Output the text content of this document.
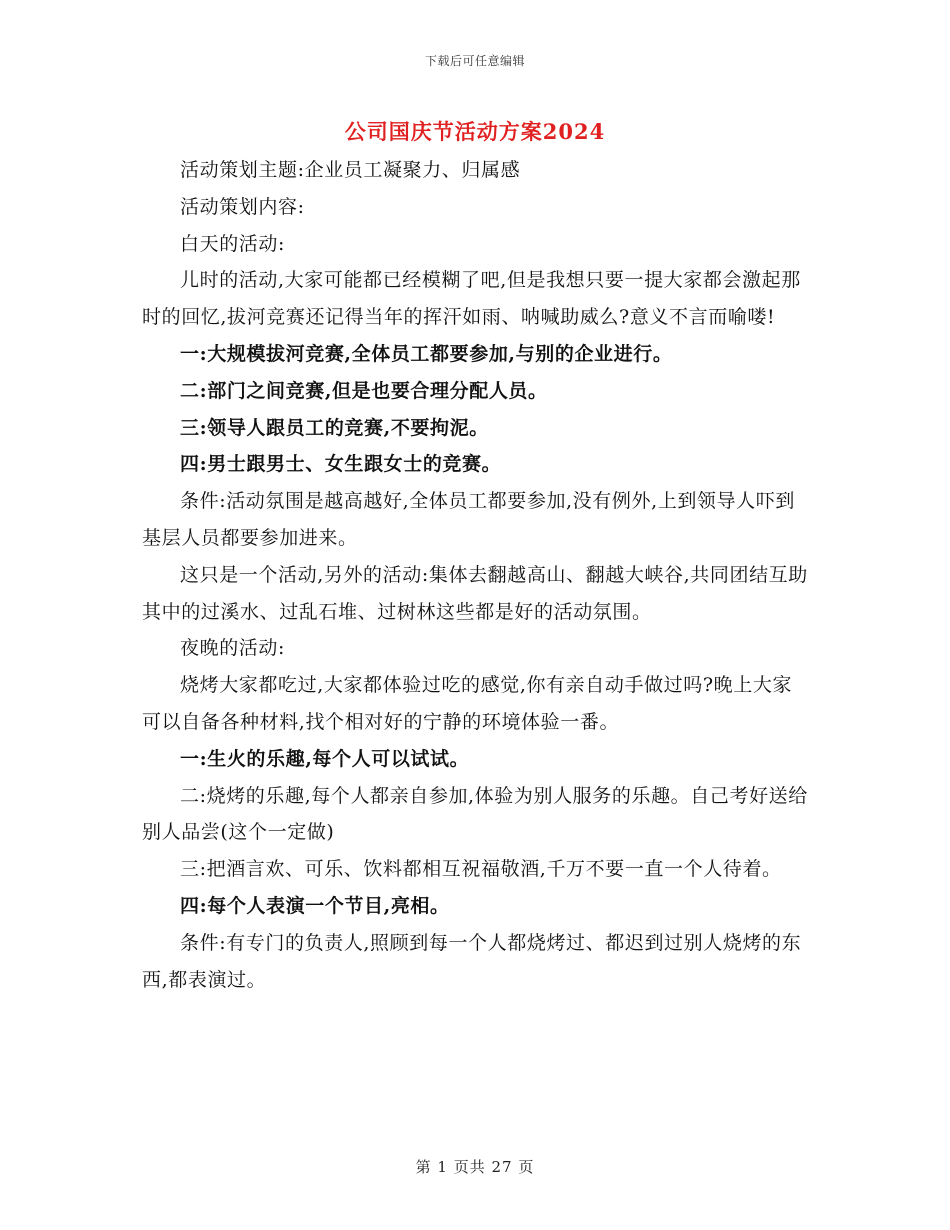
下载后可任意编辑
公司国庆节活动方案2024

活动策划主题:企业员工凝聚力、归属感

活动策划内容:

白天的活动:

儿时的活动,大家可能都已经模糊了吧,但是我想只要一提大家都会激起那时的回忆,拔河竞赛还记得当年的挥汗如雨、呐喊助威么?意义不言而喻喽!

一:大规模拔河竞赛,全体员工都要参加,与别的企业进行。

二:部门之间竞赛,但是也要合理分配人员。

三:领导人跟员工的竞赛,不要拘泥。

四:男士跟男士、女生跟女士的竞赛。

条件:活动氛围是越高越好,全体员工都要参加,没有例外,上到领导人吓到基层人员都要参加进来。

这只是一个活动,另外的活动:集体去翻越高山、翻越大峡谷,共同团结互助其中的过溪水、过乱石堆、过树林这些都是好的活动氛围。

夜晚的活动:

烧烤大家都吃过,大家都体验过吃的感觉,你有亲自动手做过吗?晚上大家可以自备各种材料,找个相对好的宁静的环境体验一番。

一:生火的乐趣,每个人可以试试。

二:烧烤的乐趣,每个人都亲自参加,体验为别人服务的乐趣。自己考好送给别人品尝(这个一定做)

三:把酒言欢、可乐、饮料都相互祝福敬酒,千万不要一直一个人待着。

四:每个人表演一个节目,亮相。

条件:有专门的负责人,照顾到每一个人都烧烤过、都迟到过别人烧烤的东西,都表演过。

第 1 页共 27 页
